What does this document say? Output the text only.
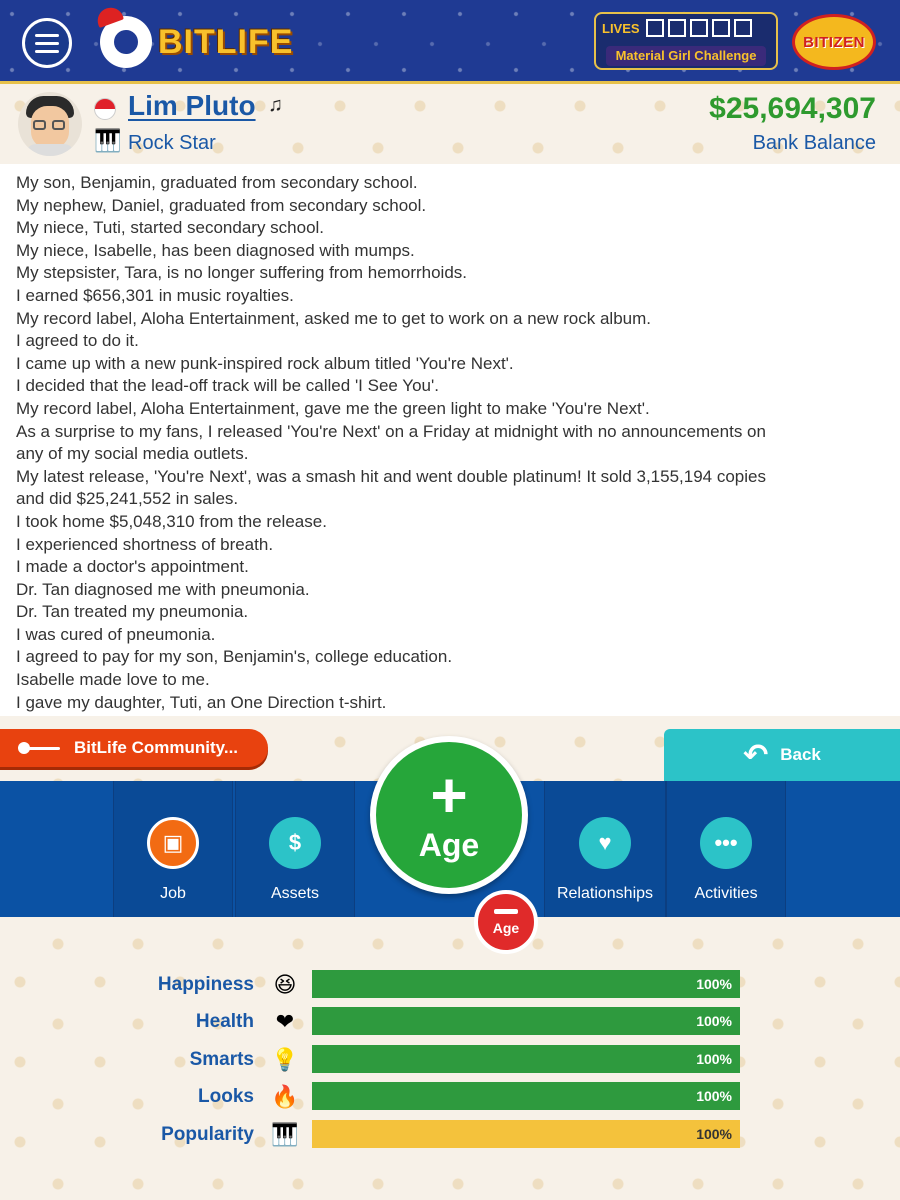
BITLIFE	LIVES
Material Girl Challenge
BITIZEN
Lim Pluto ♫
🎹 Rock Star
$25,694,307
Bank Balance
My son, Benjamin, graduated from secondary school.
My nephew, Daniel, graduated from secondary school.
My niece, Tuti, started secondary school.
My niece, Isabelle, has been diagnosed with mumps.
My stepsister, Tara, is no longer suffering from hemorrhoids.
I earned $656,301 in music royalties.
My record label, Aloha Entertainment, asked me to get to work on a new rock album.
I agreed to do it.
I came up with a new punk-inspired rock album titled 'You're Next'.
I decided that the lead-off track will be called 'I See You'.
My record label, Aloha Entertainment, gave me the green light to make 'You're Next'.
As a surprise to my fans, I released 'You're Next' on a Friday at midnight with no announcements on
any of my social media outlets.
My latest release, 'You're Next', was a smash hit and went double platinum! It sold 3,155,194 copies
and did $25,241,552 in sales.
I took home $5,048,310 from the release.
I experienced shortness of breath.
I made a doctor's appointment.
Dr. Tan diagnosed me with pneumonia.
Dr. Tan treated my pneumonia.
I was cured of pneumonia.
I agreed to pay for my son, Benjamin's, college education.
Isabelle made love to me.
I gave my daughter, Tuti, an One Direction t-shirt.
BitLife Community...	↶ Back
▣
Job
$
Assets
♥
Relationships
•••
Activities
+
Age
Age
Happiness 😆	100%
Health ❤	100%
Smarts 💡	100%
Looks 🔥	100%
Popularity 🎹	100%
